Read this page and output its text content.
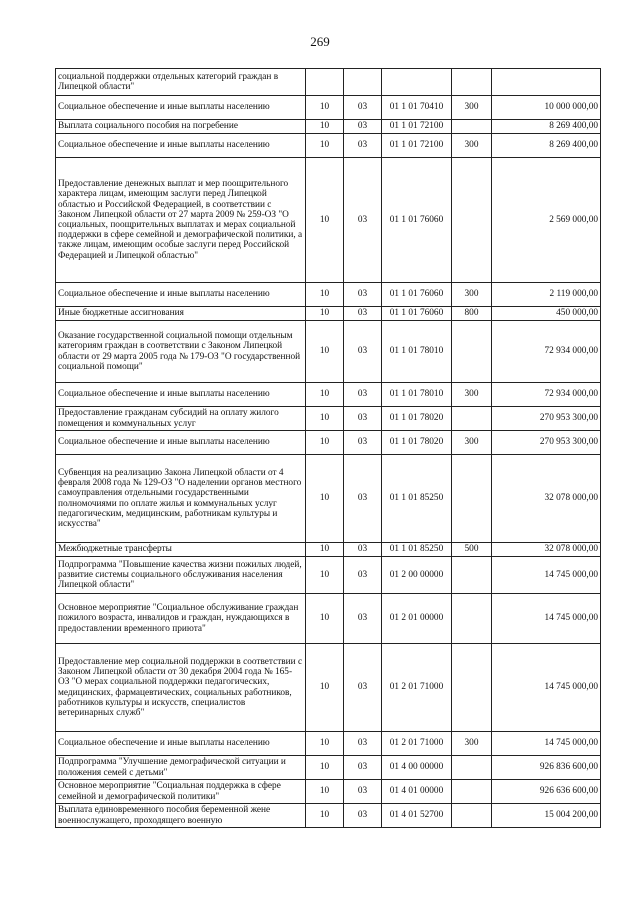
269
социальной поддержки отдельных категорий граждан в Липецкой области"					
Социальное обеспечение и иные выплаты населению	10	03	01 1 01 70410	300	10 000 000,00
Выплата социального пособия на погребение	10	03	01 1 01 72100		8 269 400,00
Социальное обеспечение и иные выплаты населению	10	03	01 1 01 72100	300	8 269 400,00
Предоставление денежных выплат и мер поощрительного характера лицам, имеющим заслуги перед Липецкой областью и Российской Федерацией, в соответствии с Законом Липецкой области от 27 марта 2009 № 259-ОЗ "О социальных, поощрительных выплатах и мерах социальной поддержки в сфере семейной и демографической политики, а также лицам, имеющим особые заслуги перед Российской Федерацией и Липецкой областью"	10	03	01 1 01 76060		2 569 000,00
Социальное обеспечение и иные выплаты населению	10	03	01 1 01 76060	300	2 119 000,00
Иные бюджетные ассигнования	10	03	01 1 01 76060	800	450 000,00
Оказание государственной социальной помощи отдельным категориям граждан в соответствии с Законом Липецкой области от 29 марта 2005 года № 179-ОЗ "О государственной социальной помощи"	10	03	01 1 01 78010		72 934 000,00
Социальное обеспечение и иные выплаты населению	10	03	01 1 01 78010	300	72 934 000,00
Предоставление гражданам субсидий на оплату жилого помещения и коммунальных услуг	10	03	01 1 01 78020		270 953 300,00
Социальное обеспечение и иные выплаты населению	10	03	01 1 01 78020	300	270 953 300,00
Субвенция на реализацию Закона Липецкой области от 4 февраля 2008 года № 129-ОЗ "О наделении органов местного самоуправления отдельными государственными полномочиями по оплате жилья и коммунальных услуг педагогическим, медицинским, работникам культуры и искусства"	10	03	01 1 01 85250		32 078 000,00
Межбюджетные трансферты	10	03	01 1 01 85250	500	32 078 000,00
Подпрограмма "Повышение качества жизни пожилых людей, развитие системы социального обслуживания населения Липецкой области"	10	03	01 2 00 00000		14 745 000,00
Основное мероприятие "Социальное обслуживание граждан пожилого возраста, инвалидов и граждан, нуждающихся в предоставлении временного приюта"	10	03	01 2 01 00000		14 745 000,00
Предоставление мер социальной поддержки в соответствии с Законом Липецкой области от 30 декабря 2004 года № 165-ОЗ "О мерах социальной поддержки педагогических, медицинских, фармацевтических, социальных работников, работников культуры и искусств, специалистов ветеринарных служб"	10	03	01 2 01 71000		14 745 000,00
Социальное обеспечение и иные выплаты населению	10	03	01 2 01 71000	300	14 745 000,00
Подпрограмма "Улучшение демографической ситуации и положения семей с детьми"	10	03	01 4 00 00000		926 836 600,00
Основное мероприятие "Социальная поддержка в сфере семейной и демографической политики"	10	03	01 4 01 00000		926 636 600,00
Выплата единовременного пособия беременной жене военнослужащего, проходящего военную	10	03	01 4 01 52700		15 004 200,00
